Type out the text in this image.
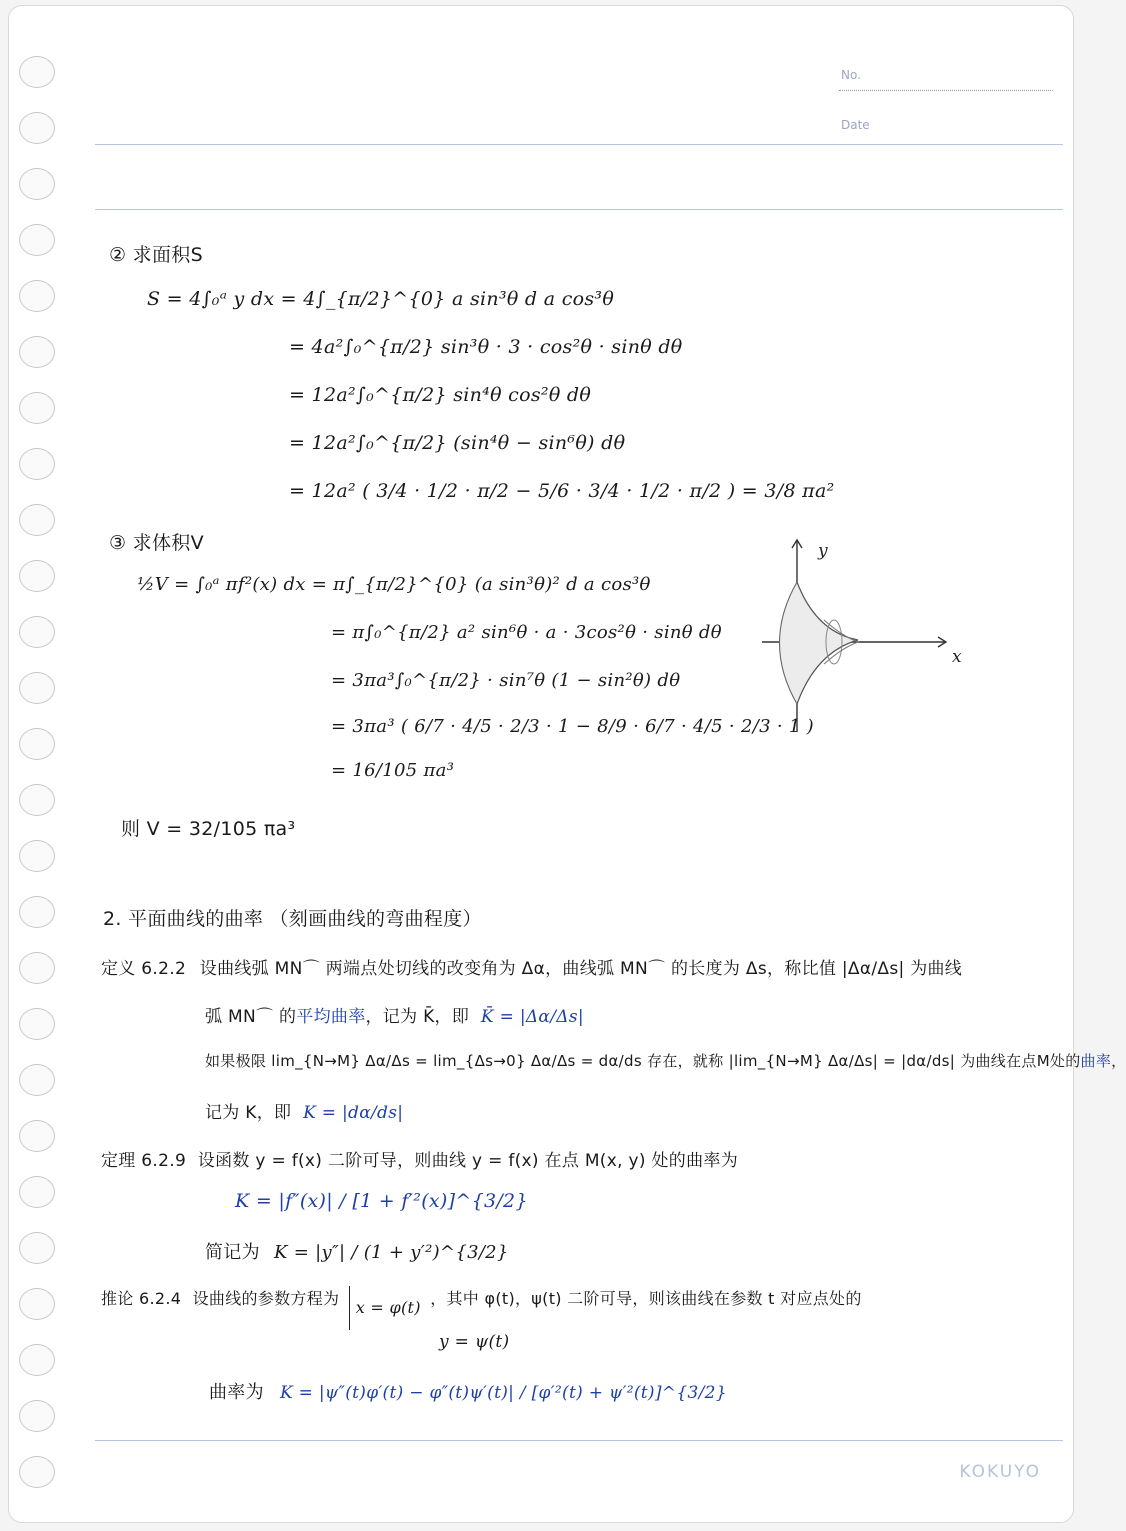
No.
Date
② 求面积S
S = 4∫₀ᵃ y dx = 4∫_{π/2}^{0} a sin³θ d a cos³θ
= 4a²∫₀^{π/2} sin³θ · 3 · cos²θ · sinθ dθ
= 12a²∫₀^{π/2} sin⁴θ cos²θ dθ
= 12a²∫₀^{π/2} (sin⁴θ − sin⁶θ) dθ
= 12a² ( 3/4 · 1/2 · π/2 − 5/6 · 3/4 · 1/2 · π/2 ) = 3/8 πa²
③ 求体积V
½V = ∫₀ᵃ πf²(x) dx = π∫_{π/2}^{0} (a sin³θ)² d a cos³θ
= π∫₀^{π/2} a² sin⁶θ · a · 3cos²θ · sinθ dθ
= 3πa³∫₀^{π/2} · sin⁷θ (1 − sin²θ) dθ
= 3πa³ ( 6/7 · 4/5 · 2/3 · 1 − 8/9 · 6/7 · 4/5 · 2/3 · 1 )
= 16/105 πa³
则 V = 32/105 πa³
x
y
2. 平面曲线的曲率 （刻画曲线的弯曲程度）
定义 6.2.2 设曲线弧 MN⌒ 两端点处切线的改变角为 Δα，曲线弧 MN⌒ 的长度为 Δs，称比值 |Δα/Δs| 为曲线
弧 MN⌒ 的平均曲率，记为 K̄，即 K̄ = |Δα/Δs|
如果极限 lim_{N→M} Δα/Δs = lim_{Δs→0} Δα/Δs = dα/ds 存在，就称 |lim_{N→M} Δα/Δs| = |dα/ds| 为曲线在点M处的曲率，
记为 K，即 K = |dα/ds|
定理 6.2.9 设函数 y = f(x) 二阶可导，则曲线 y = f(x) 在点 M(x, y) 处的曲率为
K = |f″(x)| / [1 + f′²(x)]^{3/2}
简记为 K = |y″| / (1 + y′²)^{3/2}
推论 6.2.4 设曲线的参数方程为 x = φ(t) ，其中 φ(t)，ψ(t) 二阶可导，则该曲线在参数 t 对应点处的
y = ψ(t)
曲率为 K = |ψ″(t)φ′(t) − φ″(t)ψ′(t)| / [φ′²(t) + ψ′²(t)]^{3/2}
KOKUYO
